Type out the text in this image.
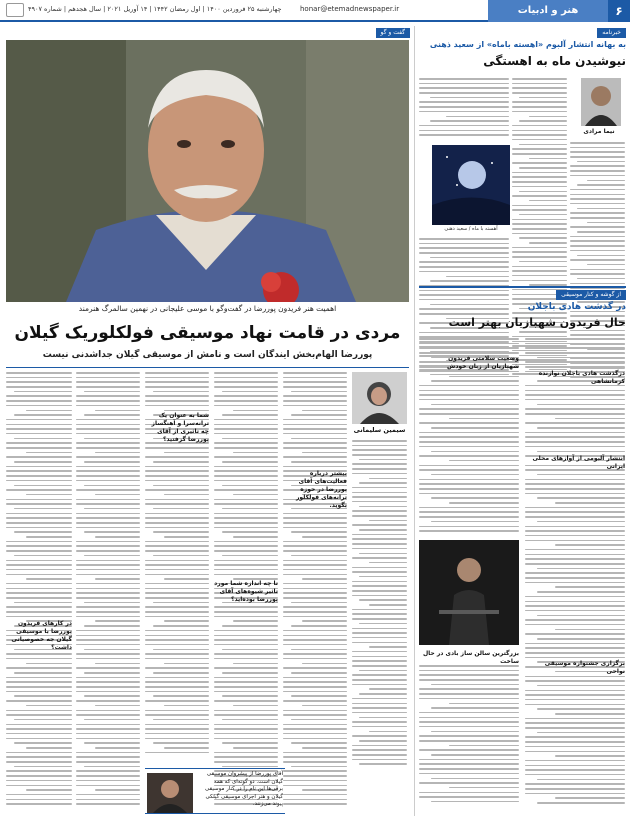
۶
هنر و ادبیات
honar@etemadnewspaper.ir
چهارشنبه ۲۵ فروردین ۱۴۰۰ | اول رمضان ۱۴۴۲ | ۱۴ آوریل ۲۰۲۱ | سال هجدهم | شماره ۴۹۰۷
گفت و گو
اهمیت هنر فریدون پوررضا در گفت‌وگو با موسی علیجانی در نهمین سالمرگ هنرمند
مردی در قامت نهاد موسیقی فولکلوریک گیلان
پوررضا الهام‌بخش ایندگان است و نامش از موسیقی گیلان جداشدنی نیست
سیمین سلیمانی
بیشتر درباره فعالیت‌های آقای پوررضا در حوزه ترانه‌های فولکلور بگوید.
شما به عنوان یک ترانه‌سرا و آهنگساز چه تاثیری از آقای پوررضا گرفتید؟
تا چه اندازه شما مورد تاثیر شیوه‌های آقای پوررضا بوده‌اید؟
در کارهای فریدون پوررضا با موسیقی گیلان جه خصوصیاتی داشت؟
آقای پوررضا از پیشروان موسیقی گیلان است. دو گونه‌ای که همه برقی‌ها این نام را در کنار موسیقی گیلان و هنر اجرای موسیقی گیلکی پیوند می‌زنند.
خبرنامه
به بهانه انتشار آلبوم «اهسته باماه» از سعید ذهنی
نیوشیدن ماه به اهستگی
نیما مرادی
آهسته با ماه / سعید ذهنی
از گوشه و کنار موسیقی
در گذشت هادی باجلان
حال فریدون شهبازیان بهتر است
درگذشت هادی باجلان نوازنده کرمانشاهی
وضعیت سلامتی فریدون شهبازیان از زبان خودش
انتشار آلبومی از آوازهای محلی ایرانی
بزرگترین سالن ساز بادی در حال ساخت	برگزاری جشنواره موسیقی نواحی
